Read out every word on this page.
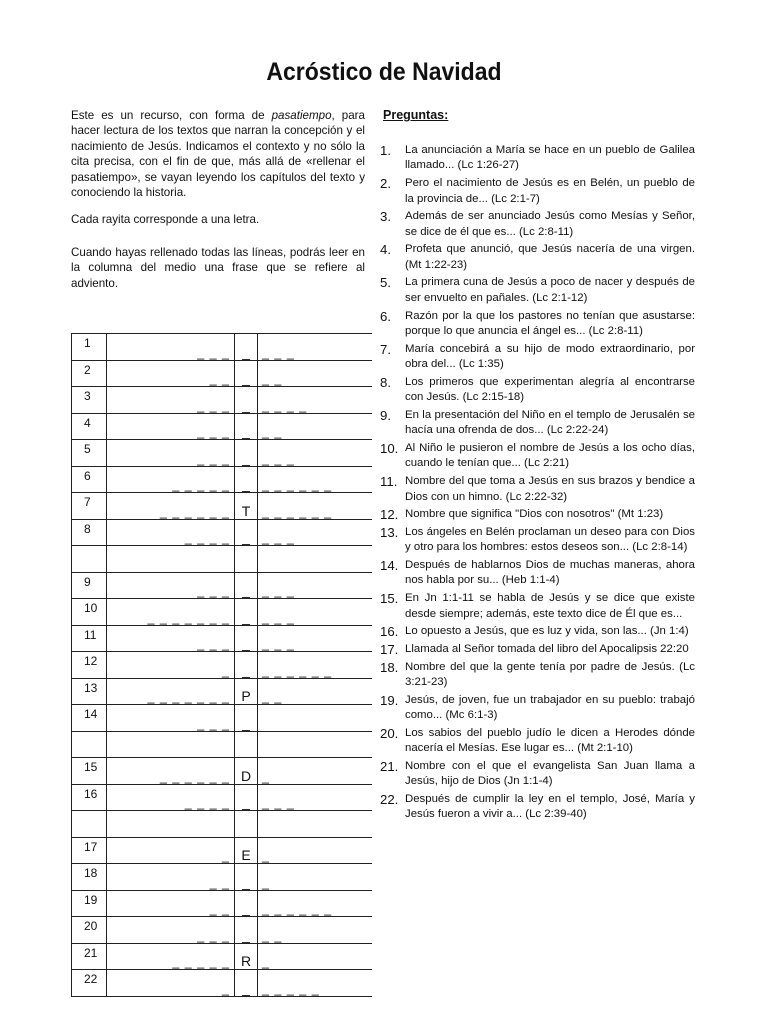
Acróstico de Navidad

Este es un recurso, con forma de pasatiempo, para hacer lectura de los textos que narran la concepción y el nacimiento de Jesús. Indicamos el contexto y no sólo la cita precisa, con el fin de que, más allá de «rellenar el pasatiempo», se vayan leyendo los capítulos del texto y conociendo la historia.

Cada rayita corresponde a una letra.

Cuando hayas rellenado todas las líneas, podrás leer en la columna del medio una frase que se refiere al adviento.

Preguntas:
1.	La anunciación a María se hace en un pueblo de Galilea llamado... (Lc 1:26-27)
2.	Pero el nacimiento de Jesús es en Belén, un pueblo de la provincia de... (Lc 2:1-7)
3.	Además de ser anunciado Jesús como Mesías y Señor, se dice de él que es... (Lc 2:8-11)
4.	Profeta que anunció, que Jesús nacería de una virgen. (Mt 1:22-23)
5.	La primera cuna de Jesús a poco de nacer y después de ser envuelto en pañales. (Lc 2:1-12)
6.	Razón por la que los pastores no tenían que asustarse: porque lo que anuncia el ángel es... (Lc 2:8-11)
7.	María concebirá a su hijo de modo extraordinario, por obra del... (Lc 1:35)
8.	Los primeros que experimentan alegría al encontrarse con Jesús. (Lc 2:15-18)
9.	En la presentación del Niño en el templo de Jerusalén se hacía una ofrenda de dos... (Lc 2:22-24)
10. Al Niño le pusieron el nombre de Jesús a los ocho días, cuando le tenían que... (Lc 2:21)
11. Nombre del que toma a Jesús en sus brazos y bendice a Dios con un himno. (Lc 2:22-32)
12. Nombre que significa "Dios con nosotros" (Mt 1:23)
13. Los ángeles en Belén proclaman un deseo para con Dios y otro para los hombres: estos deseos son... (Lc 2:8-14)
14. Después de hablarnos Dios de muchas maneras, ahora nos habla por su... (Heb 1:1-4)
15. En Jn 1:1-11 se habla de Jesús y se dice que existe desde siempre; además, este texto dice de Él que es...
16. Lo opuesto a Jesús, que es luz y vida, son las... (Jn 1:4)
17. Llamada al Señor tomada del libro del Apocalipsis 22:20
18. Nombre del que la gente tenía por padre de Jesús. (Lc 3:21-23)
19. Jesús, de joven, fue un trabajador en su pueblo: trabajó como... (Mc 6:1-3)
20. Los sabios del pueblo judío le dicen a Herodes dónde nacería el Mesías. Ese lugar es... (Mt 2:1-10)
21. Nombre con el que el evangelista San Juan llama a Jesús, hijo de Dios (Jn 1:1-4)
22. Después de cumplir la ley en el templo, José, María y Jesús fueron a vivir a... (Lc 2:39-40)
1	_ _ _	_	_ _ _
2	_ _	_	_ _
3	_ _ _	_	_ _ _ _
4	_ _ _	_	_ _
5	_ _ _	_	_ _ _
6	_ _ _ _ _	_	_ _ _ _ _ _
7	_ _ _ _ _ _	T	_ _ _ _ _ _
8	_ _ _ _	_	_ _ _

9	_ _ _	_	_ _ _
10	_ _ _ _ _ _ _	_	_ _ _
11	_ _ _	_	_ _ _
12	_	_	_ _ _ _ _ _
13	_ _ _ _ _ _ _	P	_ _
14	_ _ _	_	

15	_ _ _ _ _ _	D	_
16	_ _ _ _	_	_ _ _

17	_	E	_
18	_ _	_	_
19	_ _	_	_ _ _ _ _ _
20	_ _ _	_	_ _
21	_ _ _ _ _	R	_
22	_	_	_ _ _ _ _
